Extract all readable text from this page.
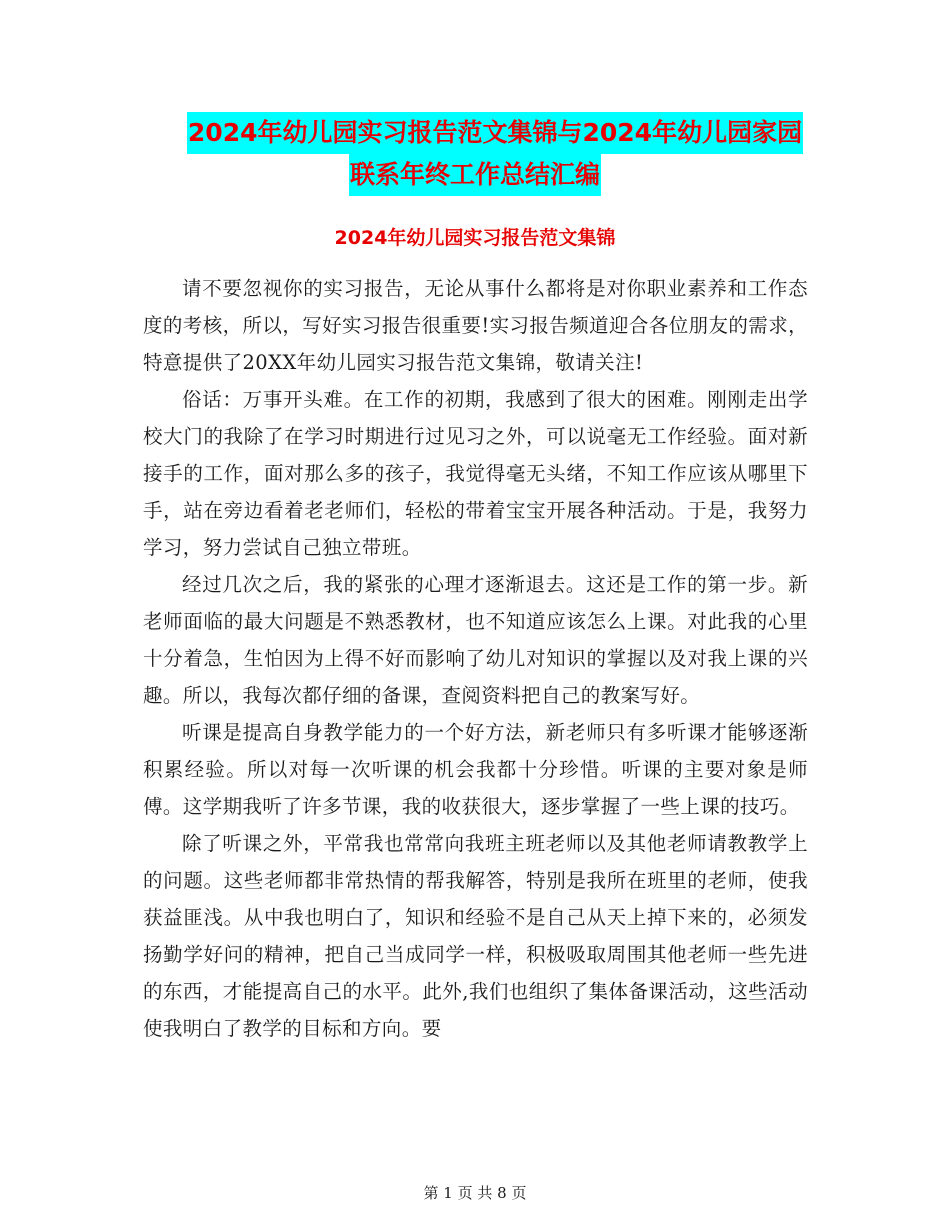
2024年幼儿园实习报告范文集锦与2024年幼儿园家园
联系年终工作总结汇编
2024年幼儿园实习报告范文集锦

请不要忽视你的实习报告，无论从事什么都将是对你职业素养和工作态度的考核，所以，写好实习报告很重要!实习报告频道迎合各位朋友的需求，特意提供了20XX年幼儿园实习报告范文集锦，敬请关注!

俗话：万事开头难。在工作的初期，我感到了很大的困难。刚刚走出学校大门的我除了在学习时期进行过见习之外，可以说毫无工作经验。面对新接手的工作，面对那么多的孩子，我觉得毫无头绪，不知工作应该从哪里下手，站在旁边看着老老师们，轻松的带着宝宝开展各种活动。于是，我努力学习，努力尝试自己独立带班。

经过几次之后，我的紧张的心理才逐渐退去。这还是工作的第一步。新老师面临的最大问题是不熟悉教材，也不知道应该怎么上课。对此我的心里十分着急，生怕因为上得不好而影响了幼儿对知识的掌握以及对我上课的兴趣。所以，我每次都仔细的备课，查阅资料把自己的教案写好。

听课是提高自身教学能力的一个好方法，新老师只有多听课才能够逐渐积累经验。所以对每一次听课的机会我都十分珍惜。听课的主要对象是师傅。这学期我听了许多节课，我的收获很大，逐步掌握了一些上课的技巧。

除了听课之外，平常我也常常向我班主班老师以及其他老师请教教学上的问题。这些老师都非常热情的帮我解答，特别是我所在班里的老师，使我获益匪浅。从中我也明白了，知识和经验不是自己从天上掉下来的，必须发扬勤学好问的精神，把自己当成同学一样，积极吸取周围其他老师一些先进的东西，才能提高自己的水平。此外,我们也组织了集体备课活动，这些活动使我明白了教学的目标和方向。要

第 1 页 共 8 页
